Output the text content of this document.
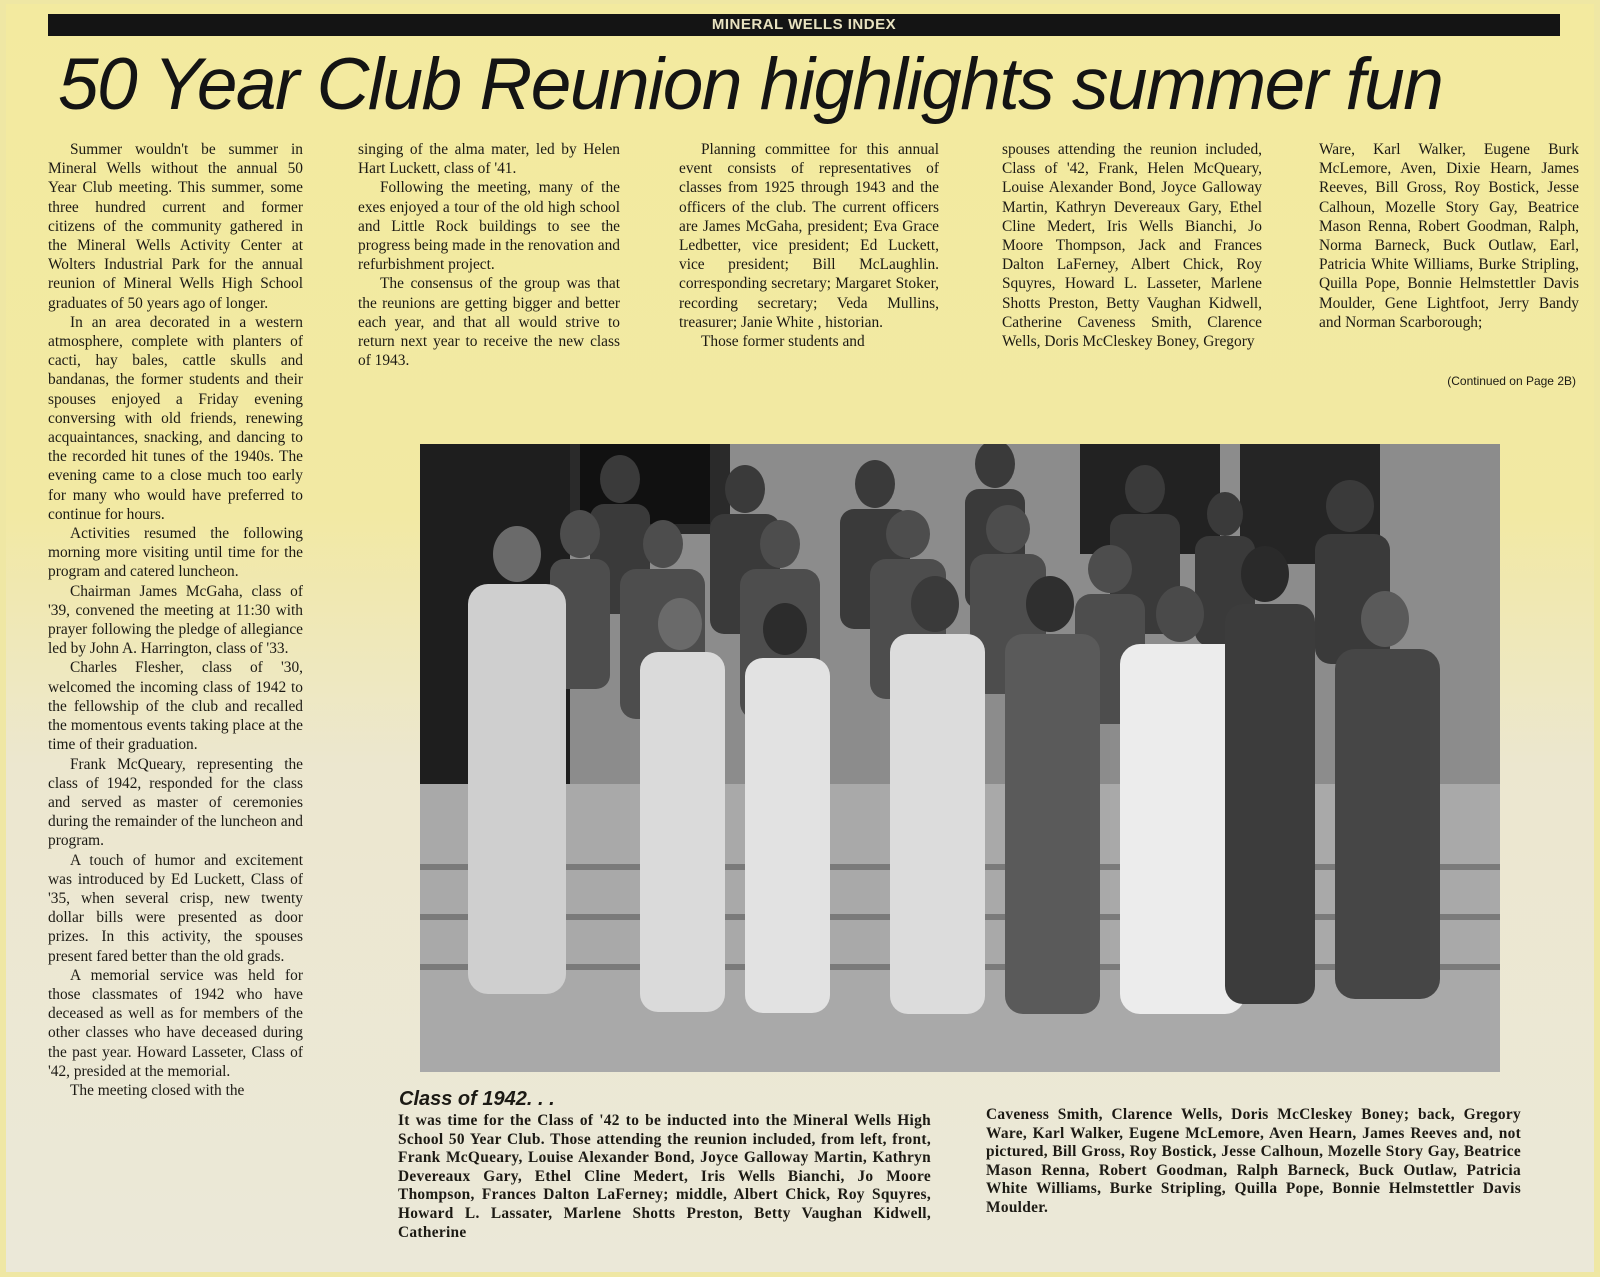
MINERAL WELLS INDEX
50 Year Club Reunion highlights summer fun

Summer wouldn't be summer in Mineral Wells without the annual 50 Year Club meeting. This summer, some three hundred current and former citizens of the community gathered in the Mineral Wells Activity Center at Wolters Industrial Park for the annual reunion of Mineral Wells High School graduates of 50 years ago of longer.

In an area decorated in a western atmosphere, complete with planters of cacti, hay bales, cattle skulls and bandanas, the former students and their spouses enjoyed a Friday evening conversing with old friends, renewing acquaintances, snacking, and dancing to the recorded hit tunes of the 1940s. The evening came to a close much too early for many who would have preferred to continue for hours.

Activities resumed the following morning more visiting until time for the program and catered luncheon.

Chairman James McGaha, class of '39, convened the meeting at 11:30 with prayer following the pledge of allegiance led by John A. Harrington, class of '33.

Charles Flesher, class of '30, welcomed the incoming class of 1942 to the fellowship of the club and recalled the momentous events taking place at the time of their graduation.

Frank McQueary, representing the class of 1942, responded for the class and served as master of ceremonies during the remainder of the luncheon and program.

A touch of humor and excitement was introduced by Ed Luckett, Class of '35, when several crisp, new twenty dollar bills were presented as door prizes. In this activity, the spouses present fared better than the old grads.

A memorial service was held for those classmates of 1942 who have deceased as well as for members of the other classes who have deceased during the past year. Howard Lasseter, Class of '42, presided at the memorial.

The meeting closed with the

singing of the alma mater, led by Helen Hart Luckett, class of '41.

Following the meeting, many of the exes enjoyed a tour of the old high school and Little Rock buildings to see the progress being made in the renovation and refurbishment project.

The consensus of the group was that the reunions are getting bigger and better each year, and that all would strive to return next year to receive the new class of 1943.

Planning committee for this annual event consists of representatives of classes from 1925 through 1943 and the officers of the club. The current officers are James McGaha, president; Eva Grace Ledbetter, vice president; Ed Luckett, vice president; Bill McLaughlin. corresponding secretary; Margaret Stoker, recording secretary; Veda Mullins, treasurer; Janie White , historian.

Those former students and

spouses attending the reunion included, Class of '42, Frank, Helen McQueary, Louise Alexander Bond, Joyce Galloway Martin, Kathryn Devereaux Gary, Ethel Cline Medert, Iris Wells Bianchi, Jo Moore Thompson, Jack and Frances Dalton LaFerney, Albert Chick, Roy Squyres, Howard L. Lasseter, Marlene Shotts Preston, Betty Vaughan Kidwell, Catherine Caveness Smith, Clarence Wells, Doris McCleskey Boney, Gregory

Ware, Karl Walker, Eugene Burk McLemore, Aven, Dixie Hearn, James Reeves, Bill Gross, Roy Bostick, Jesse Calhoun, Mozelle Story Gay, Beatrice Mason Renna, Robert Goodman, Ralph, Norma Barneck, Buck Outlaw, Earl, Patricia White Williams, Burke Stripling, Quilla Pope, Bonnie Helmstettler Davis Moulder, Gene Lightfoot, Jerry Bandy and Norman Scarborough;

(Continued on Page 2B)
Class of 1942. . .
It was time for the Class of '42 to be inducted into the Mineral Wells High School 50 Year Club. Those attending the reunion included, from left, front, Frank McQueary, Louise Alexander Bond, Joyce Galloway Martin, Kathryn Devereaux Gary, Ethel Cline Medert, Iris Wells Bianchi, Jo Moore Thompson, Frances Dalton LaFerney; middle, Albert Chick, Roy Squyres, Howard L. Lassater, Marlene Shotts Preston, Betty Vaughan Kidwell, Catherine
Caveness Smith, Clarence Wells, Doris McCleskey Boney; back, Gregory Ware, Karl Walker, Eugene McLemore, Aven Hearn, James Reeves and, not pictured, Bill Gross, Roy Bostick, Jesse Calhoun, Mozelle Story Gay, Beatrice Mason Renna, Robert Goodman, Ralph Barneck, Buck Outlaw, Patricia White Williams, Burke Stripling, Quilla Pope, Bonnie Helmstettler Davis Moulder.
